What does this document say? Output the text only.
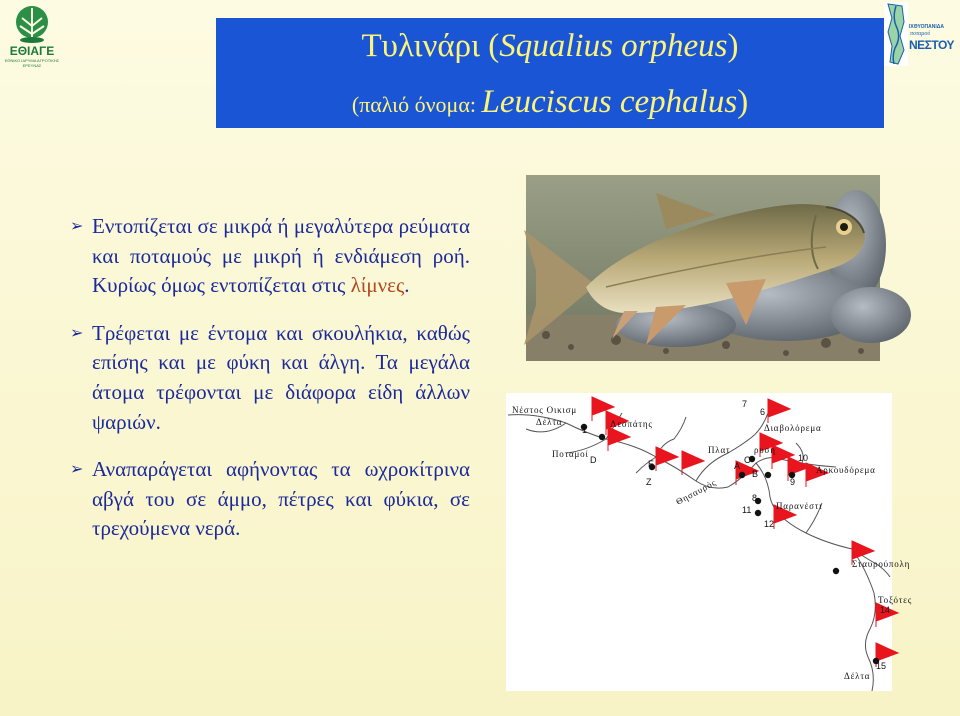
ΕΘΙΑΓΕ
ΕΘΝΙΚΟ ΙΔΡΥΜΑ ΑΓΡΟΤΙΚΗΣ ΕΡΕΥΝΑΣ
ΙΧΘΥΟΠΑΝΙΔΑ
ποταμού
ΝΕΣΤΟΥ
Τυλινάρι (Squalius orpheus)
(παλιό όνομα: Leuciscus cephalus)
➢ Εντοπίζεται σε μικρά ή μεγαλύτερα ρεύματα και ποταμούς με μικρή ή ενδιάμεση ροή. Κυρίως όμως εντοπίζεται στις λίμνες.
➢ Τρέφεται με έντομα και σκουλήκια, καθώς επίσης και με φύκη και άλγη. Τα μεγάλα άτομα τρέφονται με διάφορα είδη άλλων ψαριών.
➢ Αναπαράγεται αφήνοντας τα ωχροκίτρινα αβγά του σε άμμο, πέτρες και φύκια, σε τρεχούμενα νερά.
Νέστος Οικισμ
Δέλτα
Ποταμοί
Λεσπάτης
Θησαυρός
Πλατ	ρυση
Διαβολόρεμα
Αρκουδόρεμα
Παρανέστι
Σταυρούπολη
Τοξότες
Δέλτα
1
7
6
10
9
8
11
12
14
15
D	E
Z
A
C
B
